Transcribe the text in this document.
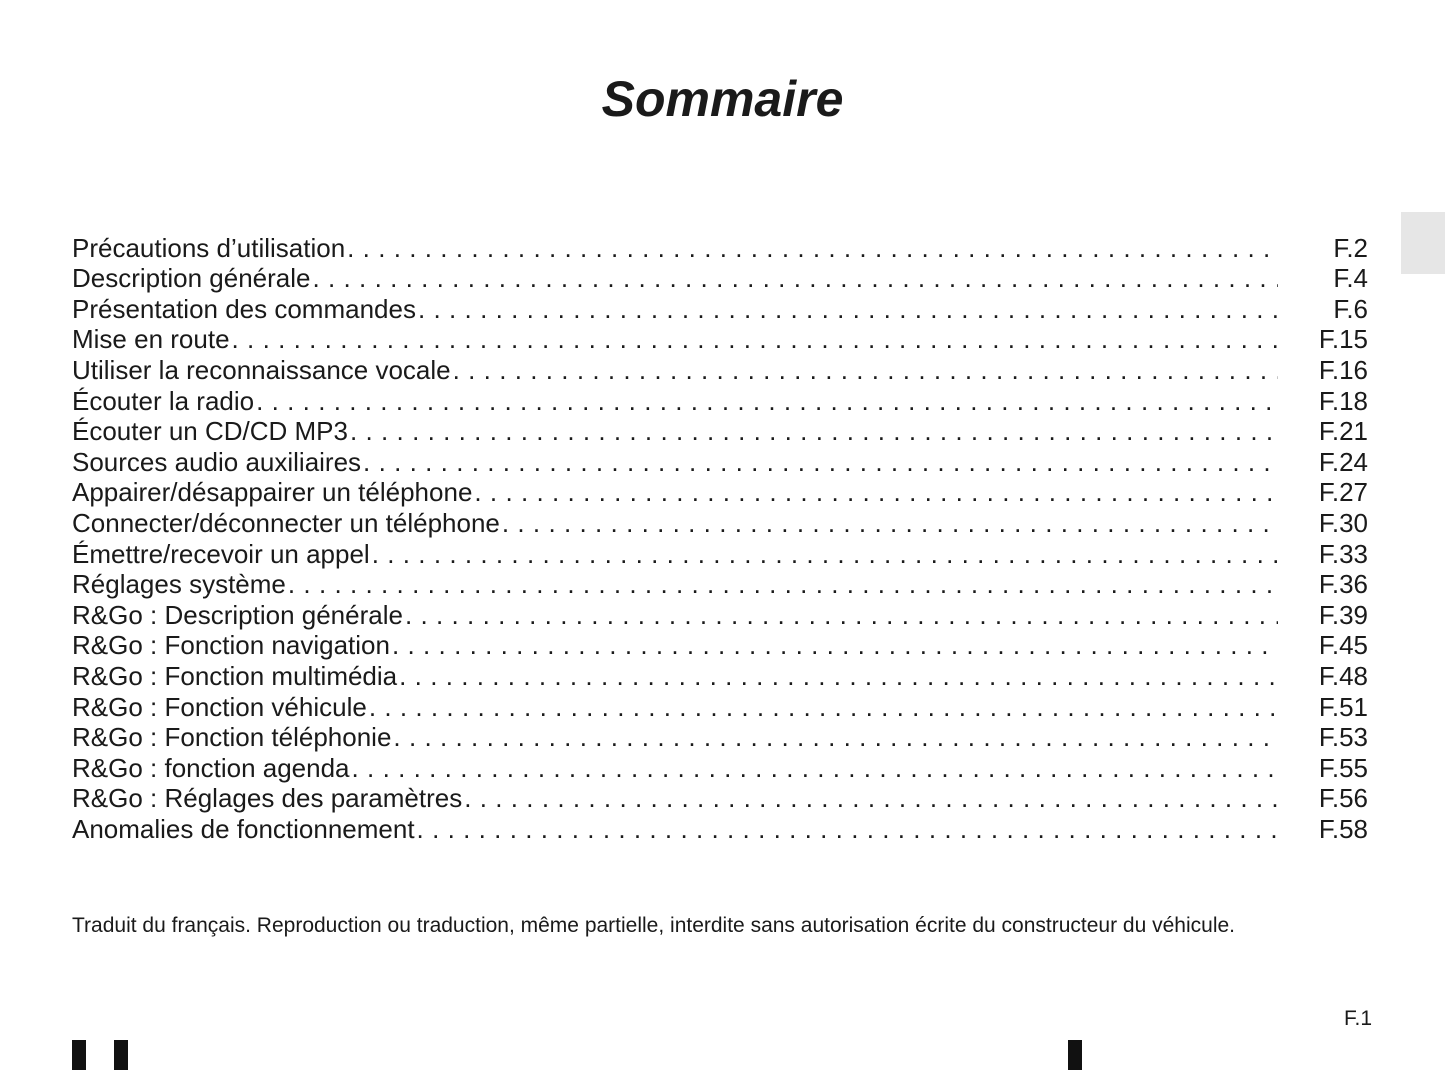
Sommaire
Précautions d’utilisation .....	F.2
Description générale .....	F.4
Présentation des commandes .....	F.6
Mise en route .....	F.15
Utiliser la reconnaissance vocale .....	F.16
Écouter la radio .....	F.18
Écouter un CD/CD MP3 .....	F.21
Sources audio auxiliaires .....	F.24
Appairer/désappairer un téléphone .....	F.27
Connecter/déconnecter un téléphone .....	F.30
Émettre/recevoir un appel .....	F.33
Réglages système .....	F.36
R&Go : Description générale .....	F.39
R&Go : Fonction navigation .....	F.45
R&Go : Fonction multimédia .....	F.48
R&Go : Fonction véhicule .....	F.51
R&Go : Fonction téléphonie .....	F.53
R&Go : fonction agenda .....	F.55
R&Go : Réglages des paramètres .....	F.56
Anomalies de fonctionnement .....	F.58

Traduit du français. Reproduction ou traduction, même partielle, interdite sans autorisation écrite du constructeur du véhicule.

F.1
